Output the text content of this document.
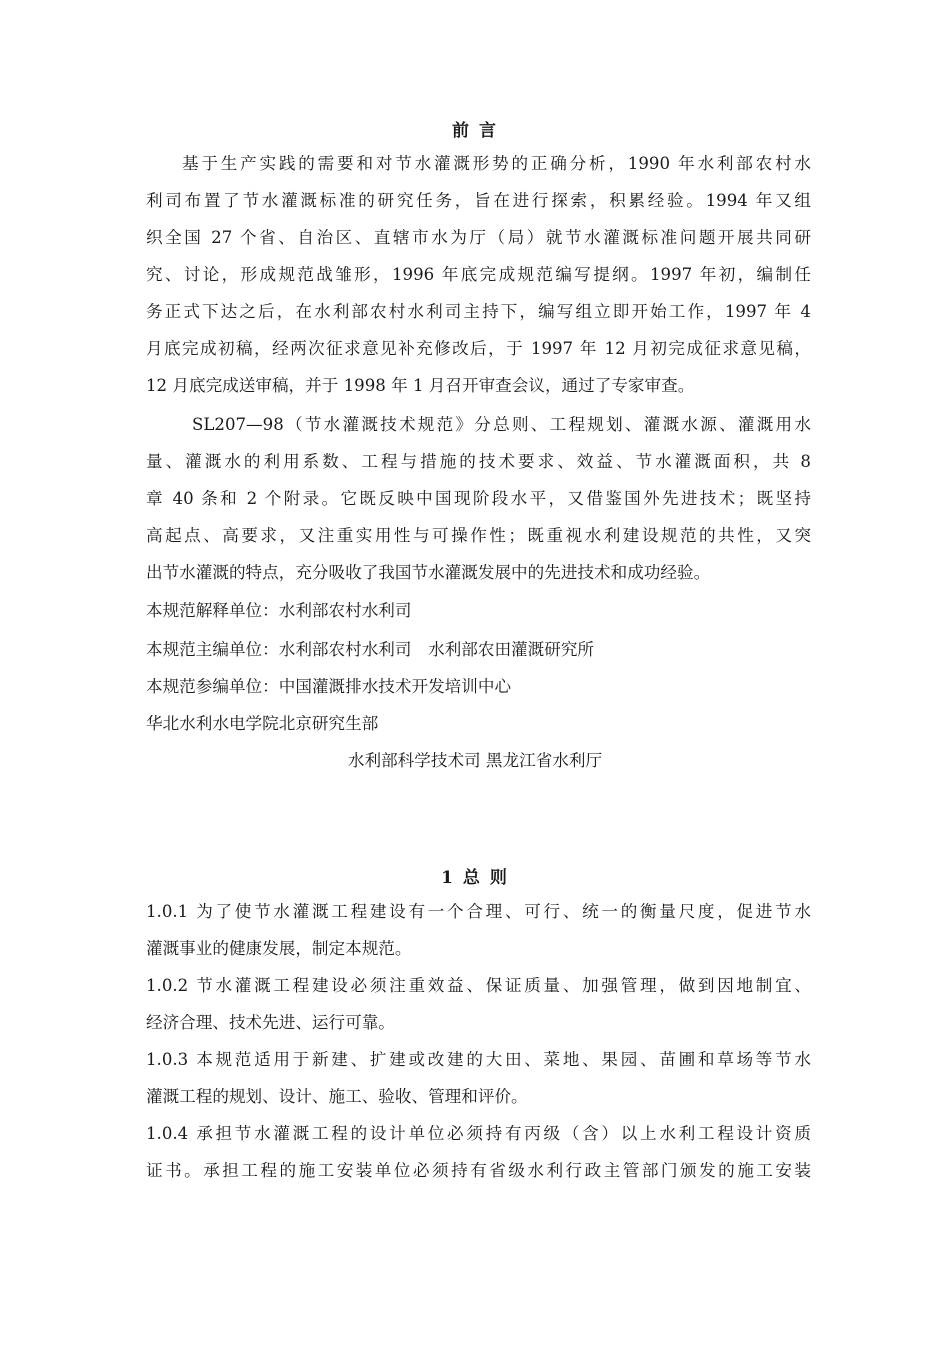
前 言
基于生产实践的需要和对节水灌溉形势的正确分析，1990 年水利部农村水
利司布置了节水灌溉标准的研究任务，旨在进行探索，积累经验。1994 年又组
织全国 27 个省、自治区、直辖市水为厅（局）就节水灌溉标准问题开展共同研
究、讨论，形成规范战雏形，1996 年底完成规范编写提纲。1997 年初，编制任
务正式下达之后，在水利部农村水利司主持下，编写组立即开始工作，1997 年 4
月底完成初稿，经两次征求意见补充修改后，于 1997 年 12 月初完成征求意见稿，
12 月底完成送审稿，并于 1998 年 1 月召开审查会议，通过了专家审查。
SL207—98（节水灌溉技术规范》分总则、工程规划、灌溉水源、灌溉用水
量、灌溉水的利用系数、工程与措施的技术要求、效益、节水灌溉面积，共 8
章 40 条和 2 个附录。它既反映中国现阶段水平，又借鉴国外先进技术；既坚持
高起点、高要求，又注重实用性与可操作性；既重视水利建设规范的共性，又突
出节水灌溉的特点，充分吸收了我国节水灌溉发展中的先进技术和成功经验。
本规范解释单位：水利部农村水利司
本规范主编单位：水利部农村水利司　水利部农田灌溉研究所
本规范参编单位：中国灌溉排水技术开发培训中心
华北水利水电学院北京研究生部
水利部科学技术司 黑龙江省水利厅
1 总 则
1.0.1 为了使节水灌溉工程建设有一个合理、可行、统一的衡量尺度，促进节水
灌溉事业的健康发展，制定本规范。
1.0.2 节水灌溉工程建设必须注重效益、保证质量、加强管理，做到因地制宜、
经济合理、技术先进、运行可靠。
1.0.3 本规范适用于新建、扩建或改建的大田、菜地、果园、苗圃和草场等节水
灌溉工程的规划、设计、施工、验收、管理和评价。
1.0.4 承担节水灌溉工程的设计单位必须持有丙级（含）以上水利工程设计资质
证书。承担工程的施工安装单位必须持有省级水利行政主管部门颁发的施工安装
